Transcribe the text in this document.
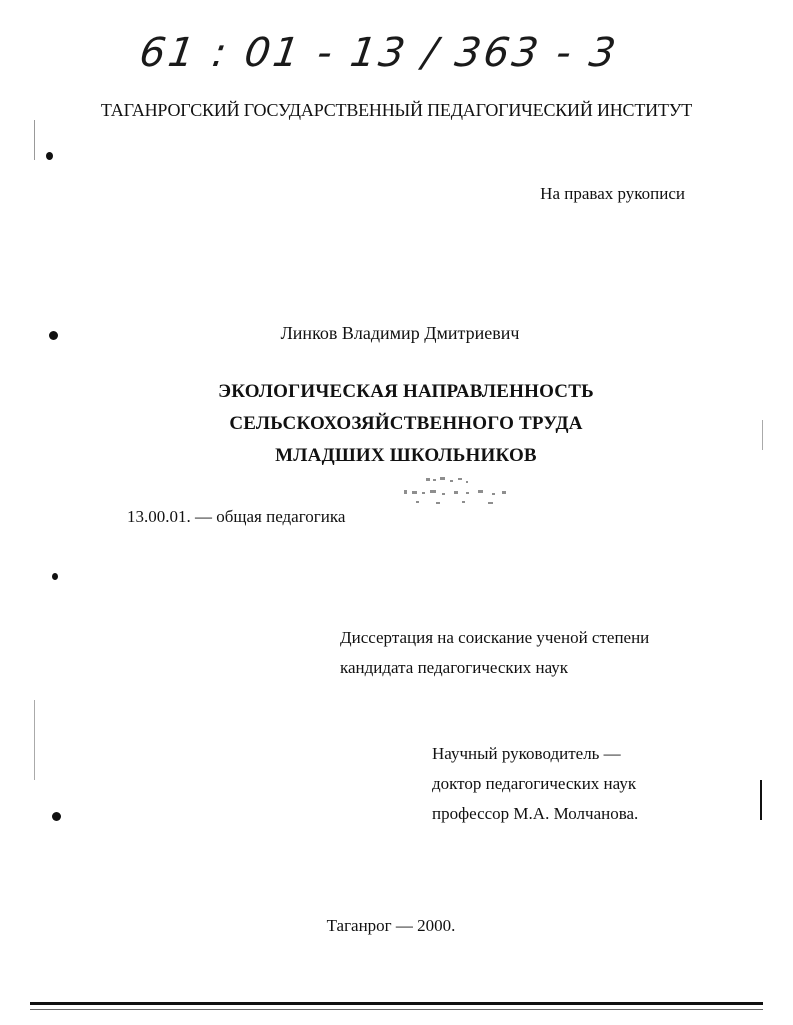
61 : 01 - 13 / 363 - 3
ТАГАНРОГСКИЙ ГОСУДАРСТВЕННЫЙ ПЕДАГОГИЧЕСКИЙ ИНСТИТУТ
На правах рукописи
Линков Владимир Дмитриевич
ЭКОЛОГИЧЕСКАЯ НАПРАВЛЕННОСТЬ
СЕЛЬСКОХОЗЯЙСТВЕННОГО ТРУДА
МЛАДШИХ ШКОЛЬНИКОВ
13.00.01. — общая педагогика
Диссертация на соискание ученой степени
кандидата педагогических наук
Научный руководитель —
доктор педагогических наук
профессор М.А. Молчанова.
Таганрог — 2000.
